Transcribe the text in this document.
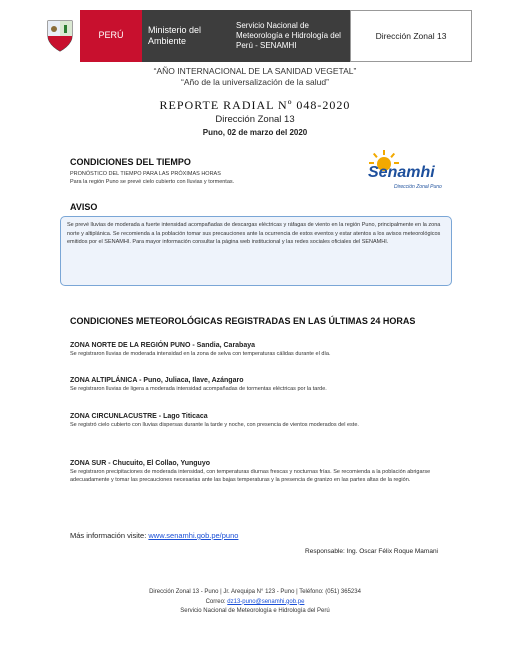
PERÚ
Ministerio del Ambiente
Servicio Nacional de Meteorología e Hidrología del Perú - SENAMHI
Dirección Zonal 13
“AÑO INTERNACIONAL DE LA SANIDAD VEGETAL”
“Año de la universalización de la salud”
REPORTE RADIAL Nº 048-2020
Dirección Zonal 13
Puno, 02 de marzo del 2020
Senamhi
Dirección Zonal Puno
CONDICIONES DEL TIEMPO
PRONÓSTICO DEL TIEMPO PARA LAS PRÓXIMAS HORAS
Para la región Puno se prevé cielo cubierto con lluvias y tormentas.
AVISO
Se prevé lluvias de moderada a fuerte intensidad acompañadas de descargas eléctricas y ráfagas de viento en la región Puno, principalmente en la zona norte y altiplánica. Se recomienda a la población tomar sus precauciones ante la ocurrencia de estos eventos y estar atentos a los avisos meteorológicos emitidos por el SENAMHI. Para mayor información consultar la página web institucional y las redes sociales oficiales del SENAMHI.
CONDICIONES METEOROLÓGICAS REGISTRADAS EN LAS ÚLTIMAS 24 HORAS
ZONA NORTE DE LA REGIÓN PUNO - Sandia, Carabaya
Se registraron lluvias de moderada intensidad en la zona de selva con temperaturas cálidas durante el día.
ZONA ALTIPLÁNICA - Puno, Juliaca, Ilave, Azángaro
Se registraron lluvias de ligera a moderada intensidad acompañadas de tormentas eléctricas por la tarde.
ZONA CIRCUNLACUSTRE - Lago Titicaca
Se registró cielo cubierto con lluvias dispersas durante la tarde y noche, con presencia de vientos moderados del este.
ZONA SUR - Chucuito, El Collao, Yunguyo
Se registraron precipitaciones de moderada intensidad, con temperaturas diurnas frescas y nocturnas frías. Se recomienda a la población abrigarse adecuadamente y tomar las precauciones necesarias ante las bajas temperaturas y la presencia de granizo en las partes altas de la región.
Más información visite: www.senamhi.gob.pe/puno
Responsable: Ing. Oscar Félix Roque Mamani
Dirección Zonal 13 - Puno | Jr. Arequipa N° 123 - Puno | Teléfono: (051) 365234
Correo: dz13-puno@senamhi.gob.pe
Servicio Nacional de Meteorología e Hidrología del Perú
